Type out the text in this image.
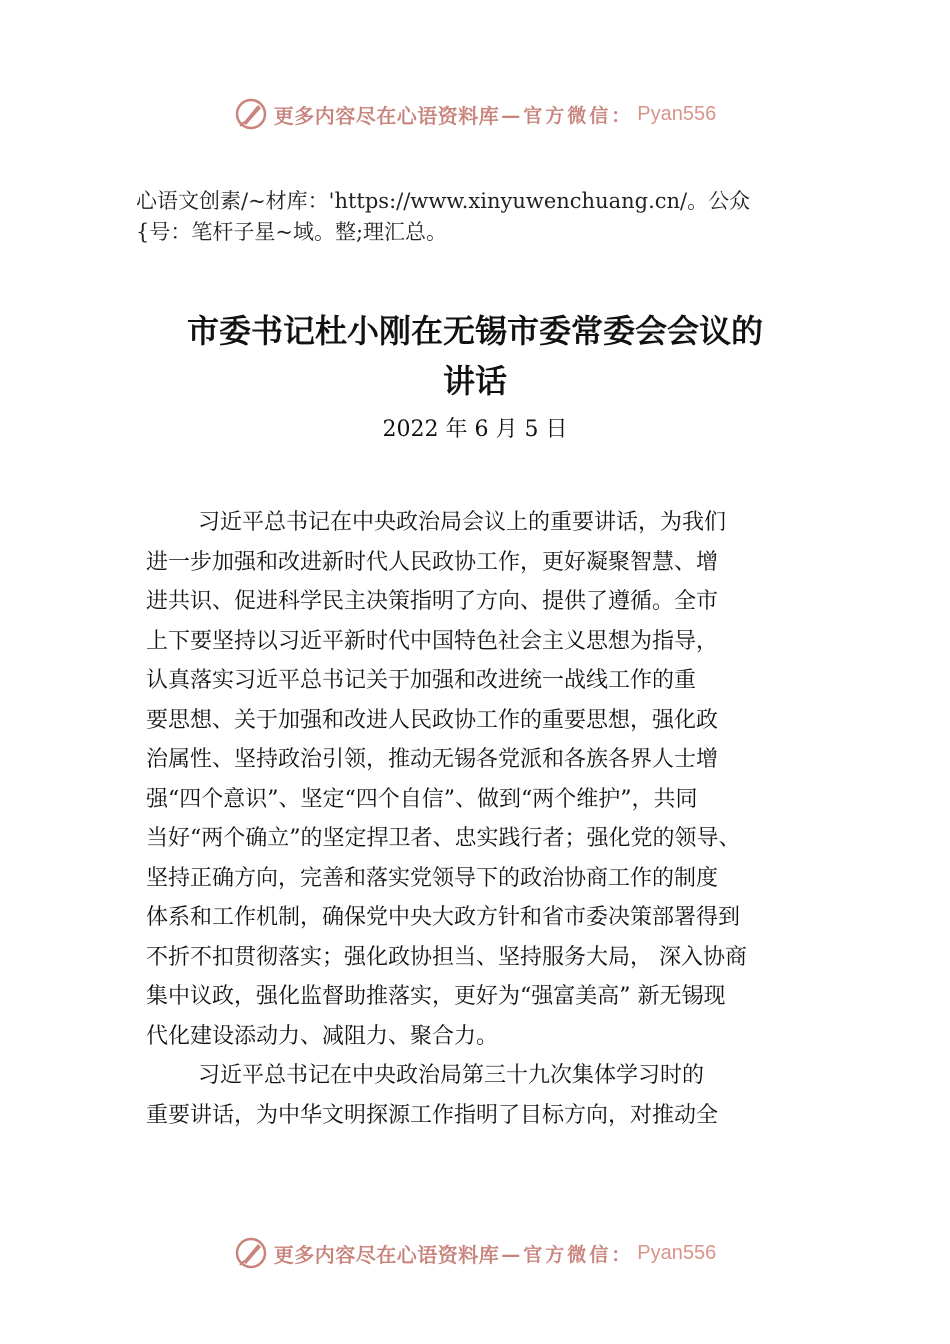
更多内容尽在心语资料库 —官方微信： Pyan556
心语文创素/~材库：'https://www.xinyuwenchuang.cn/。公众
{号：笔杆子星~域。整;理汇总。
市委书记杜小刚在无锡市委常委会会议的
讲话
2022 年 6 月 5 日
习近平总书记在中央政治局会议上的重要讲话，为我们
进一步加强和改进新时代人民政协工作，更好凝聚智慧、增
进共识、促进科学民主决策指明了方向、提供了遵循。全市
上下要坚持以习近平新时代中国特色社会主义思想为指导，
认真落实习近平总书记关于加强和改进统一战线工作的重
要思想、关于加强和改进人民政协工作的重要思想，强化政
治属性、坚持政治引领，推动无锡各党派和各族各界人士增
强“四个意识”、坚定“四个自信”、做到“两个维护”，共同
当好“两个确立”的坚定捍卫者、忠实践行者；强化党的领导、
坚持正确方向，完善和落实党领导下的政治协商工作的制度
体系和工作机制，确保党中央大政方针和省市委决策部署得到
不折不扣贯彻落实；强化政协担当、坚持服务大局， 深入协商
集中议政，强化监督助推落实，更好为“强富美高” 新无锡现
代化建设添动力、减阻力、聚合力。
习近平总书记在中央政治局第三十九次集体学习时的
重要讲话，为中华文明探源工作指明了目标方向，对推动全
更多内容尽在心语资料库 —官方微信： Pyan556
